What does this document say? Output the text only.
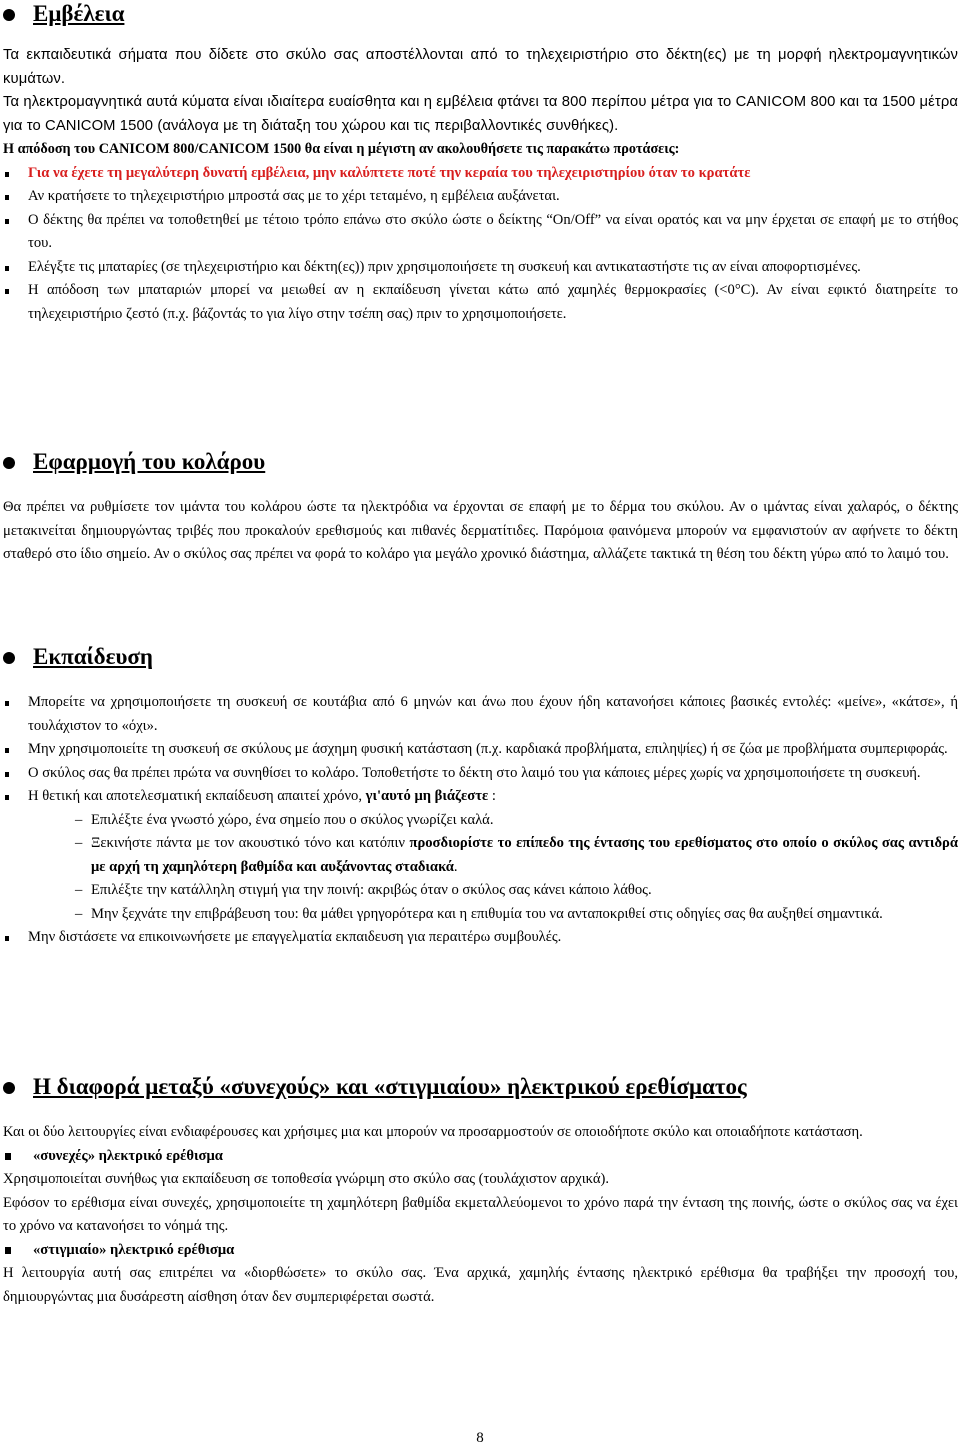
Εμβέλεια

Τα εκπαιδευτικά σήματα που δίδετε στο σκύλο σας αποστέλλονται από το τηλεχειριστήριο στο δέκτη(ες) με τη μορφή ηλεκτρομαγνητικών κυμάτων.

Τα ηλεκτρομαγνητικά αυτά κύματα είναι ιδιαίτερα ευαίσθητα και η εμβέλεια φτάνει τα 800 περίπου μέτρα για το CANICOM 800 και τα 1500 μέτρα για το CANICOM 1500 (ανάλογα με τη διάταξη του χώρου και τις περιβαλλοντικές συνθήκες).

Η απόδοση του CANICOM 800/CANICOM 1500 θα είναι η μέγιστη αν ακολουθήσετε τις παρακάτω προτάσεις:

Για να έχετε τη μεγαλύτερη δυνατή εμβέλεια, μην καλύπτετε ποτέ την κεραία του τηλεχειριστηρίου όταν το κρατάτε
Αν κρατήσετε το τηλεχειριστήριο μπροστά σας με το χέρι τεταμένο, η εμβέλεια αυξάνεται.
Ο δέκτης θα πρέπει να τοποθετηθεί με τέτοιο τρόπο επάνω στο σκύλο ώστε ο δείκτης “On/Off” να είναι ορατός και να μην έρχεται σε επαφή με το στήθος του.
Ελέγξτε τις μπαταρίες (σε τηλεχειριστήριο και δέκτη(ες)) πριν χρησιμοποιήσετε τη συσκευή και αντικαταστήστε τις αν είναι αποφορτισμένες.
Η απόδοση των μπαταριών μπορεί να μειωθεί αν η εκπαίδευση γίνεται κάτω από χαμηλές θερμοκρασίες (<0°C). Αν είναι εφικτό διατηρείτε το τηλεχειριστήριο ζεστό (π.χ. βάζοντάς το για λίγο στην τσέπη σας) πριν το χρησιμοποιήσετε.
Εφαρμογή του κολάρου

Θα πρέπει να ρυθμίσετε τον ιμάντα του κολάρου ώστε τα ηλεκτρόδια να έρχονται σε επαφή με το δέρμα του σκύλου. Αν ο ιμάντας είναι χαλαρός, ο δέκτης μετακινείται δημιουργώντας τριβές που προκαλούν ερεθισμούς και πιθανές δερματίτιδες. Παρόμοια φαινόμενα μπορούν να εμφανιστούν αν αφήνετε το δέκτη σταθερό στο ίδιο σημείο. Αν ο σκύλος σας πρέπει να φορά το κολάρο για μεγάλο χρονικό διάστημα, αλλάζετε τακτικά τη θέση του δέκτη γύρω από το λαιμό του.

Εκπαίδευση
Μπορείτε να χρησιμοποιήσετε τη συσκευή σε κουτάβια από 6 μηνών και άνω που έχουν ήδη κατανοήσει κάποιες βασικές εντολές: «μείνε», «κάτσε», ή τουλάχιστον το «όχι».
Μην χρησιμοποιείτε τη συσκευή σε σκύλους με άσχημη φυσική κατάσταση (π.χ. καρδιακά προβλήματα, επιληψίες) ή σε ζώα με προβλήματα συμπεριφοράς.
Ο σκύλος σας θα πρέπει πρώτα να συνηθίσει το κολάρο. Τοποθετήστε το δέκτη στο λαιμό του για κάποιες μέρες χωρίς να χρησιμοποιήσετε τη συσκευή.
Η θετική και αποτελεσματική εκπαίδευση απαιτεί χρόνο, γι'αυτό μη βιάζεστε :
– Επιλέξτε ένα γνωστό χώρο, ένα σημείο που ο σκύλος γνωρίζει καλά.
– Ξεκινήστε πάντα με τον ακουστικό τόνο και κατόπιν προσδιορίστε το επίπεδο της έντασης του ερεθίσματος στο οποίο ο σκύλος σας αντιδρά με αρχή τη χαμηλότερη βαθμίδα και αυξάνοντας σταδιακά.
– Επιλέξτε την κατάλληλη στιγμή για την ποινή: ακριβώς όταν ο σκύλος σας κάνει κάποιο λάθος.
– Μην ξεχνάτε την επιβράβευση του: θα μάθει γρηγορότερα και η επιθυμία του να ανταποκριθεί στις οδηγίες σας θα αυξηθεί σημαντικά.
Μην διστάσετε να επικοινωνήσετε με επαγγελματία εκπαιδευση για περαιτέρω συμβουλές.
Η διαφορά μεταξύ «συνεχούς» και «στιγμιαίου» ηλεκτρικού ερεθίσματος

Και οι δύο λειτουργίες είναι ενδιαφέρουσες και χρήσιμες μια και μπορούν να προσαρμοστούν σε οποιοδήποτε σκύλο και οποιαδήποτε κατάσταση.

«συνεχές» ηλεκτρικό ερέθισμα

Χρησιμοποιείται συνήθως για εκπαίδευση σε τοποθεσία γνώριμη στο σκύλο σας (τουλάχιστον αρχικά).

Εφόσον το ερέθισμα είναι συνεχές, χρησιμοποιείτε τη χαμηλότερη βαθμίδα εκμεταλλεύομενοι το χρόνο παρά την ένταση της ποινής, ώστε ο σκύλος σας να έχει το χρόνο να κατανοήσει το νόημά της.

«στιγμιαίο» ηλεκτρικό ερέθισμα

Η λειτουργία αυτή σας επιτρέπει να «διορθώσετε» το σκύλο σας. Ένα αρχικά, χαμηλής έντασης ηλεκτρικό ερέθισμα θα τραβήξει την προσοχή του, δημιουργώντας μια δυσάρεστη αίσθηση όταν δεν συμπεριφέρεται σωστά.

8
